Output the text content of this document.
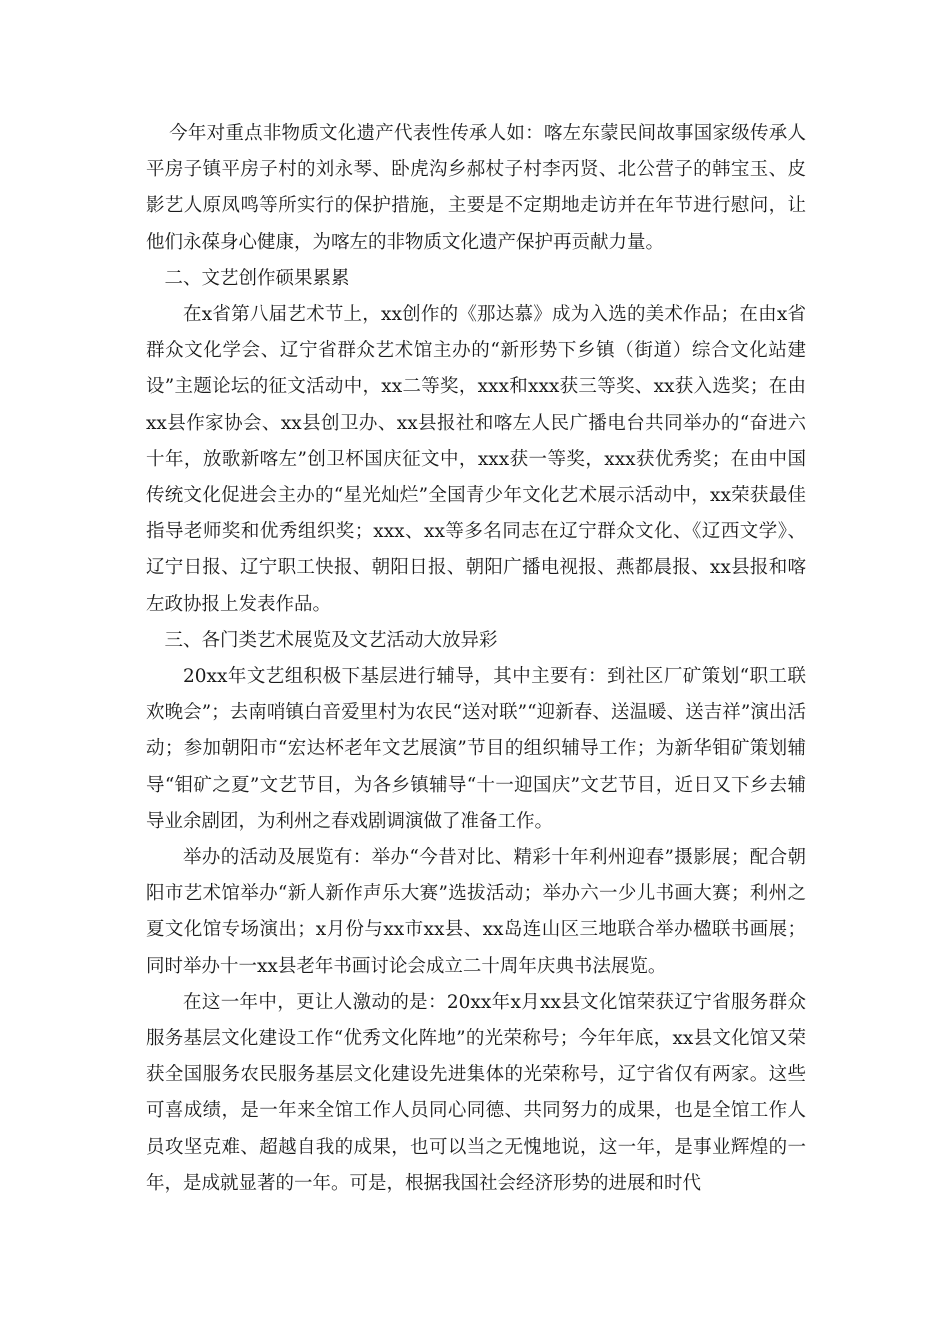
今年对重点非物质文化遗产代表性传承人如：喀左东蒙民间故事国家级传承人平房子镇平房子村的刘永琴、卧虎沟乡郝杖子村李丙贤、北公营子的韩宝玉、皮影艺人原凤鸣等所实行的保护措施，主要是不定期地走访并在年节进行慰问，让他们永葆身心健康，为喀左的非物质文化遗产保护再贡献力量。

二、文艺创作硕果累累

在x省第八届艺术节上，xx创作的《那达慕》成为入选的美术作品；在由x省群众文化学会、辽宁省群众艺术馆主办的“新形势下乡镇（街道）综合文化站建设”主题论坛的征文活动中，xx二等奖，xxx和xxx获三等奖、xx获入选奖；在由xx县作家协会、xx县创卫办、xx县报社和喀左人民广播电台共同举办的“奋进六十年，放歌新喀左”创卫杯国庆征文中，xxx获一等奖，xxx获优秀奖；在由中国传统文化促进会主办的“星光灿烂”全国青少年文化艺术展示活动中，xx荣获最佳指导老师奖和优秀组织奖；xxx、xx等多名同志在辽宁群众文化、《辽西文学》、辽宁日报、辽宁职工快报、朝阳日报、朝阳广播电视报、燕都晨报、xx县报和喀左政协报上发表作品。

三、各门类艺术展览及文艺活动大放异彩

20xx年文艺组积极下基层进行辅导，其中主要有：到社区厂矿策划“职工联欢晚会”；去南哨镇白音爱里村为农民“送对联”“迎新春、送温暖、送吉祥”演出活动；参加朝阳市“宏达杯老年文艺展演”节目的组织辅导工作；为新华钼矿策划辅导“钼矿之夏”文艺节目，为各乡镇辅导“十一迎国庆”文艺节目，近日又下乡去辅导业余剧团，为利州之春戏剧调演做了准备工作。

举办的活动及展览有：举办“今昔对比、精彩十年利州迎春”摄影展；配合朝阳市艺术馆举办“新人新作声乐大赛”选拔活动；举办六一少儿书画大赛；利州之夏文化馆专场演出；x月份与xx市xx县、xx岛连山区三地联合举办楹联书画展；同时举办十一xx县老年书画讨论会成立二十周年庆典书法展览。

在这一年中，更让人激动的是：20xx年x月xx县文化馆荣获辽宁省服务群众服务基层文化建设工作“优秀文化阵地”的光荣称号；今年年底，xx县文化馆又荣获全国服务农民服务基层文化建设先进集体的光荣称号，辽宁省仅有两家。这些可喜成绩，是一年来全馆工作人员同心同德、共同努力的成果，也是全馆工作人员攻坚克难、超越自我的成果，也可以当之无愧地说，这一年，是事业辉煌的一年，是成就显著的一年。可是，根据我国社会经济形势的进展和时代
